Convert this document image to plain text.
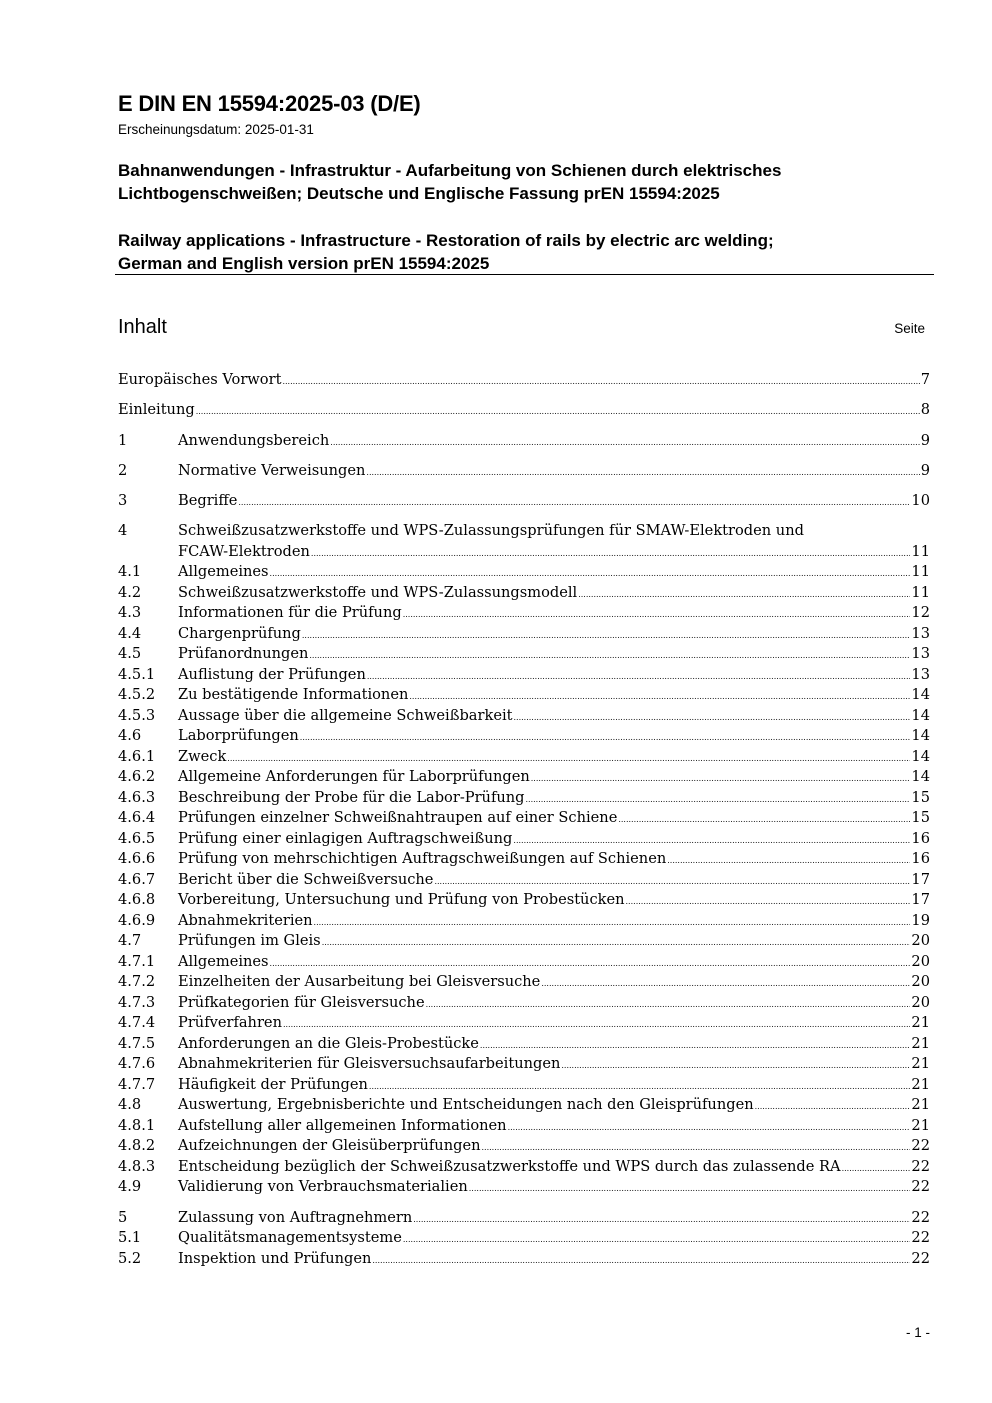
E DIN EN 15594:2025-03 (D/E)
Erscheinungsdatum: 2025-01-31
Bahnanwendungen - Infrastruktur - Aufarbeitung von Schienen durch elektrisches
Lichtbogenschweißen; Deutsche und Englische Fassung prEN 15594:2025
Railway applications - Infrastructure - Restoration of rails by electric arc welding;
German and English version prEN 15594:2025
Inhalt	Seite
Europäisches Vorwort .....	7
Einleitung .....	8
1	Anwendungsbereich .....	9
2	Normative Verweisungen .....	9
3	Begriffe .....	10
4	Schweißzusatzwerkstoffe und WPS-Zulassungsprüfungen für SMAW-Elektroden und
FCAW-Elektroden .....	11
4.1	Allgemeines .....	11
4.2	Schweißzusatzwerkstoffe und WPS-Zulassungsmodell .....	11
4.3	Informationen für die Prüfung .....	12
4.4	Chargenprüfung .....	13
4.5	Prüfanordnungen .....	13
4.5.1	Auflistung der Prüfungen .....	13
4.5.2	Zu bestätigende Informationen .....	14
4.5.3	Aussage über die allgemeine Schweißbarkeit .....	14
4.6	Laborprüfungen .....	14
4.6.1	Zweck .....	14
4.6.2	Allgemeine Anforderungen für Laborprüfungen .....	14
4.6.3	Beschreibung der Probe für die Labor-Prüfung .....	15
4.6.4	Prüfungen einzelner Schweißnahtraupen auf einer Schiene .....	15
4.6.5	Prüfung einer einlagigen Auftragschweißung .....	16
4.6.6	Prüfung von mehrschichtigen Auftragschweißungen auf Schienen .....	16
4.6.7	Bericht über die Schweißversuche .....	17
4.6.8	Vorbereitung, Untersuchung und Prüfung von Probestücken .....	17
4.6.9	Abnahmekriterien .....	19
4.7	Prüfungen im Gleis .....	20
4.7.1	Allgemeines .....	20
4.7.2	Einzelheiten der Ausarbeitung bei Gleisversuche .....	20
4.7.3	Prüfkategorien für Gleisversuche .....	20
4.7.4	Prüfverfahren .....	21
4.7.5	Anforderungen an die Gleis-Probestücke .....	21
4.7.6	Abnahmekriterien für Gleisversuchsaufarbeitungen .....	21
4.7.7	Häufigkeit der Prüfungen .....	21
4.8	Auswertung, Ergebnisberichte und Entscheidungen nach den Gleisprüfungen .....	21
4.8.1	Aufstellung aller allgemeinen Informationen .....	21
4.8.2	Aufzeichnungen der Gleisüberprüfungen .....	22
4.8.3	Entscheidung bezüglich der Schweißzusatzwerkstoffe und WPS durch das zulassende RA .....	22
4.9	Validierung von Verbrauchsmaterialien .....	22
5	Zulassung von Auftragnehmern .....	22
5.1	Qualitätsmanagementsysteme .....	22
5.2	Inspektion und Prüfungen .....	22
- 1 -
